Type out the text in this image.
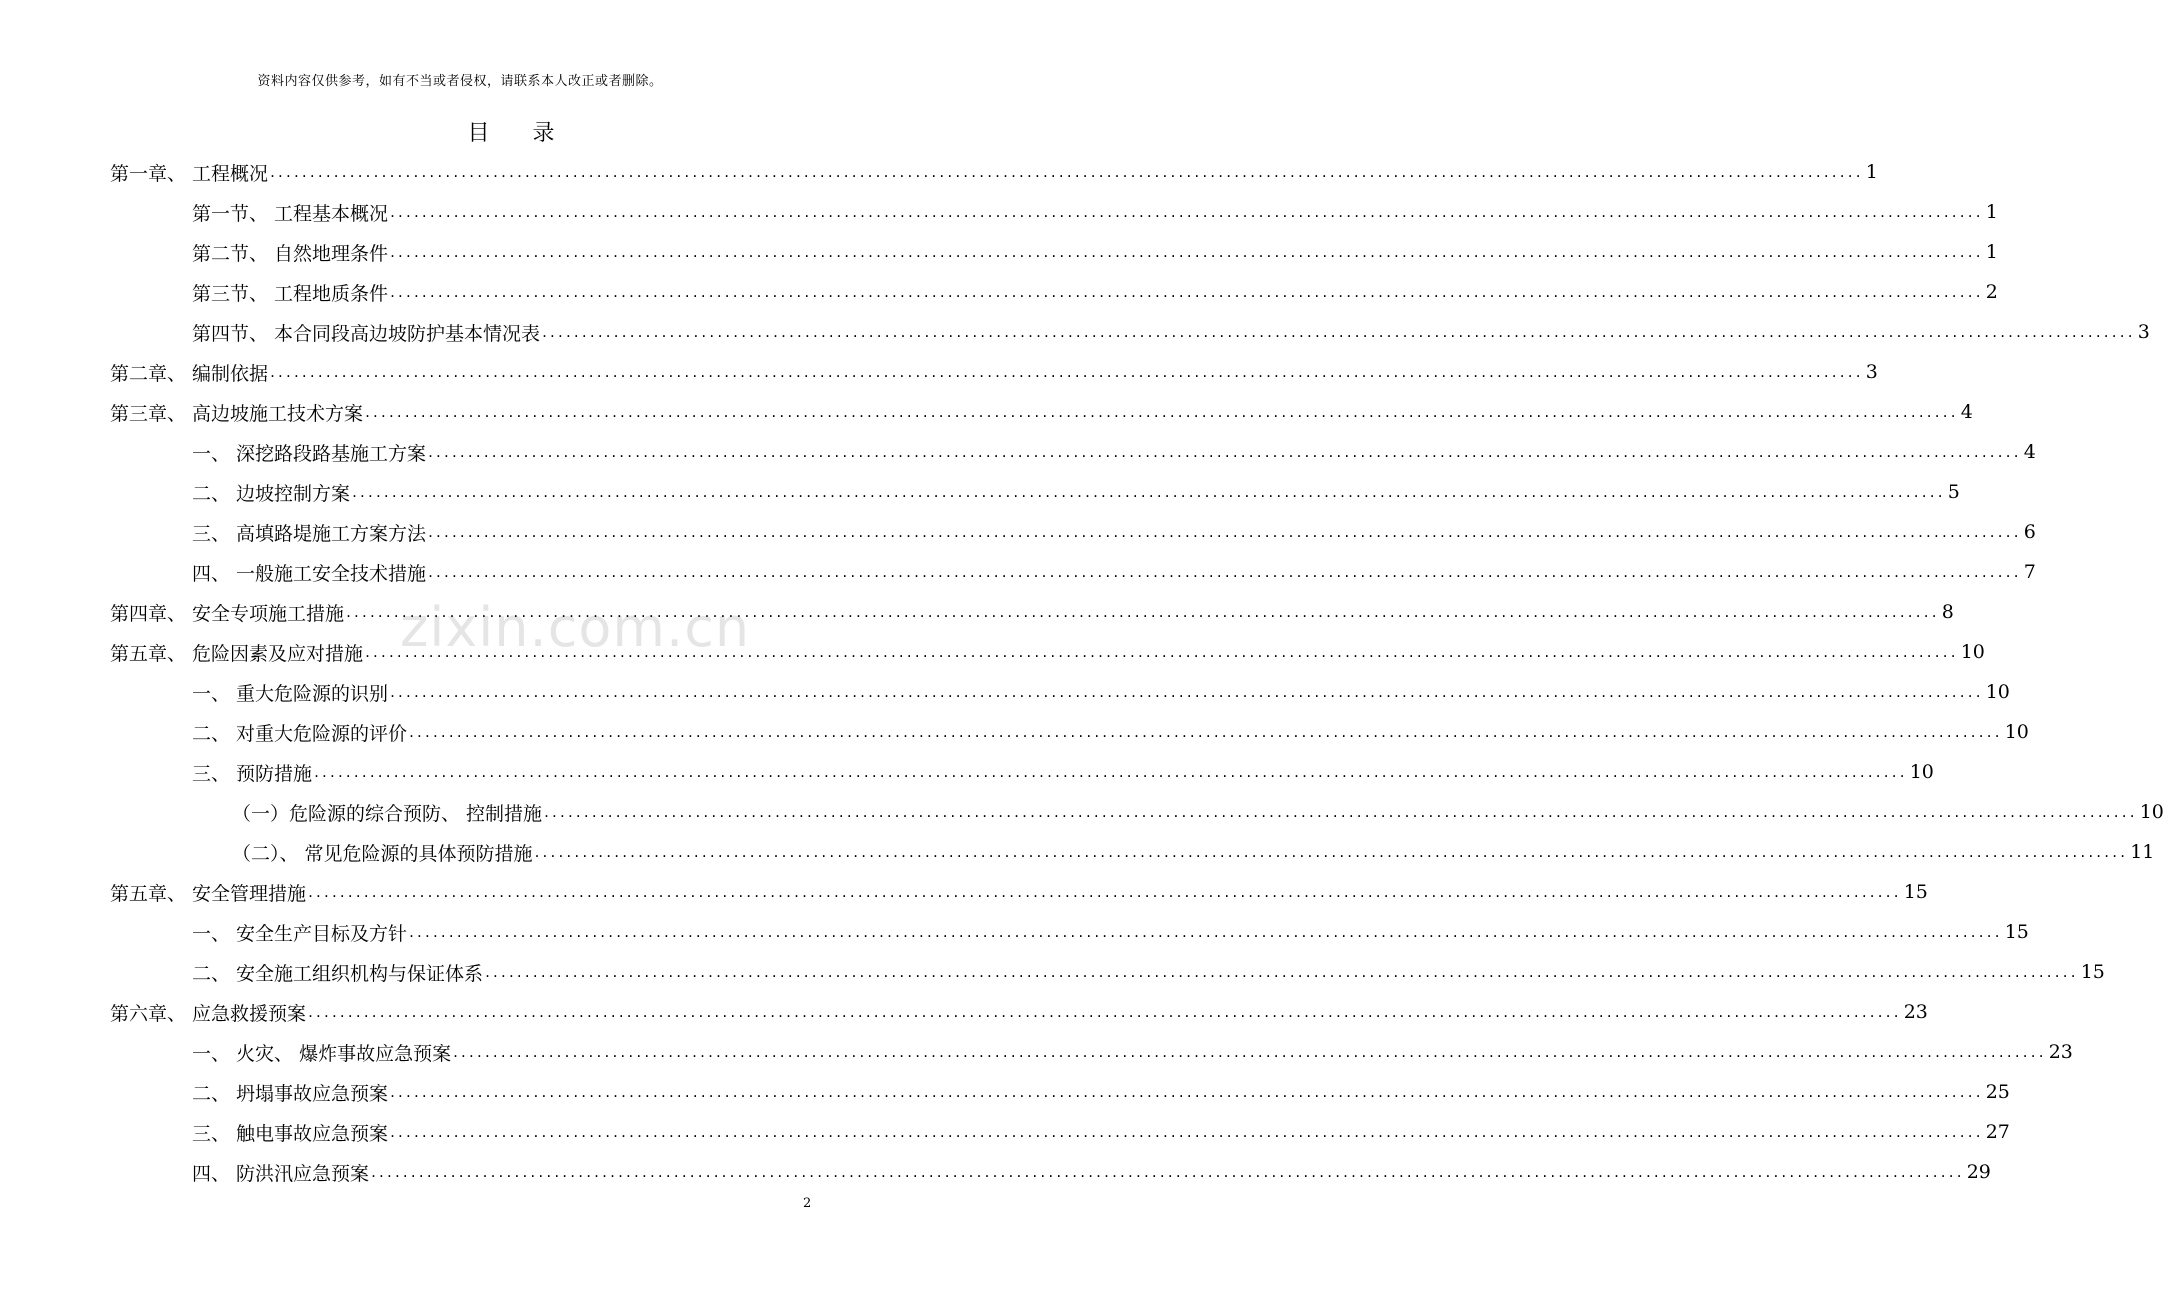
资料内容仅供参考，如有不当或者侵权，请联系本人改正或者删除。
目 录
zixin.com.cn
第一章、 工程概况 ........................................................................................................................................................................................................ 1
第一节、 工程基本概况 ........................................................................................................................................................................................................ 1
第二节、 自然地理条件 ........................................................................................................................................................................................................ 1
第三节、 工程地质条件 ........................................................................................................................................................................................................ 2
第四节、 本合同段高边坡防护基本情况表 ........................................................................................................................................................................................................ 3
第二章、 编制依据 ........................................................................................................................................................................................................ 3
第三章、 高边坡施工技术方案 ........................................................................................................................................................................................................ 4
一、 深挖路段路基施工方案 ........................................................................................................................................................................................................ 4
二、 边坡控制方案 ........................................................................................................................................................................................................ 5
三、 高填路堤施工方案方法 ........................................................................................................................................................................................................ 6
四、 一般施工安全技术措施 ........................................................................................................................................................................................................ 7
第四章、 安全专项施工措施 ........................................................................................................................................................................................................ 8
第五章、 危险因素及应对措施 ........................................................................................................................................................................................................ 10
一、 重大危险源的识别 ........................................................................................................................................................................................................ 10
二、 对重大危险源的评价 ........................................................................................................................................................................................................ 10
三、 预防措施 ........................................................................................................................................................................................................ 10
（一） 危险源的综合预防、 控制措施 ........................................................................................................................................................................................................ 10
（二）、 常见危险源的具体预防措施 ........................................................................................................................................................................................................ 11
第五章、 安全管理措施 ........................................................................................................................................................................................................ 15
一、 安全生产目标及方针 ........................................................................................................................................................................................................ 15
二、 安全施工组织机构与保证体系 ........................................................................................................................................................................................................ 15
第六章、 应急救援预案 ........................................................................................................................................................................................................ 23
一、 火灾、 爆炸事故应急预案 ........................................................................................................................................................................................................ 23
二、 坍塌事故应急预案 ........................................................................................................................................................................................................ 25
三、 触电事故应急预案 ........................................................................................................................................................................................................ 27
四、 防洪汛应急预案 ........................................................................................................................................................................................................ 29
2
